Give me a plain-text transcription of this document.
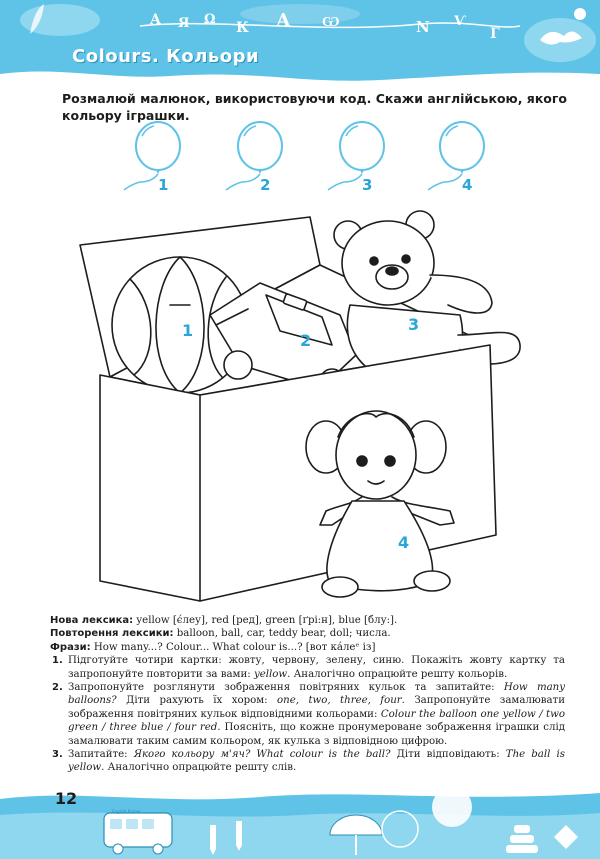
Α Я Ω
К А Ѡ	N Ѵ
Г
Colours. Кольори
Розмалюй малюнок, використовуючи код. Скажи англійською, якого кольору іграшки.
1	2	3	4
1
2
3
4

Нова лексика: yellow [є́леу], red [ред], green [ґрі:н], blue [блу:].

Повторення лексики: balloon, ball, car, teddy bear, doll; числа.

Фрази: How many...? Colour... What colour is...? [вот ка́леᵉ із]

1. Підготуйте чотири картки: жовту, червону, зелену, синю. Покажіть жовту картку та запропонуйте повторити за вами: yellow. Аналогічно опрацюйте решту кольорів.
2. Запропонуйте розглянути зображення повітряних кульок та запитайте: How many balloons? Діти рахують їх хором: one, two, three, four. Запропонуйте замалювати зображення повітряних кульок відповідними кольорами: Colour the balloon one yellow / two green / three blue / four red. Поясніть, що кожне пронумероване зображення іграшки слід замалювати таким самим кольором, як кулька з відповідною цифрою.
3. Запитайте: Якого кольору м'яч? What colour is the ball? Діти відповідають: The ball is yellow. Аналогічно опрацюйте решту слів.
English Primer
12
